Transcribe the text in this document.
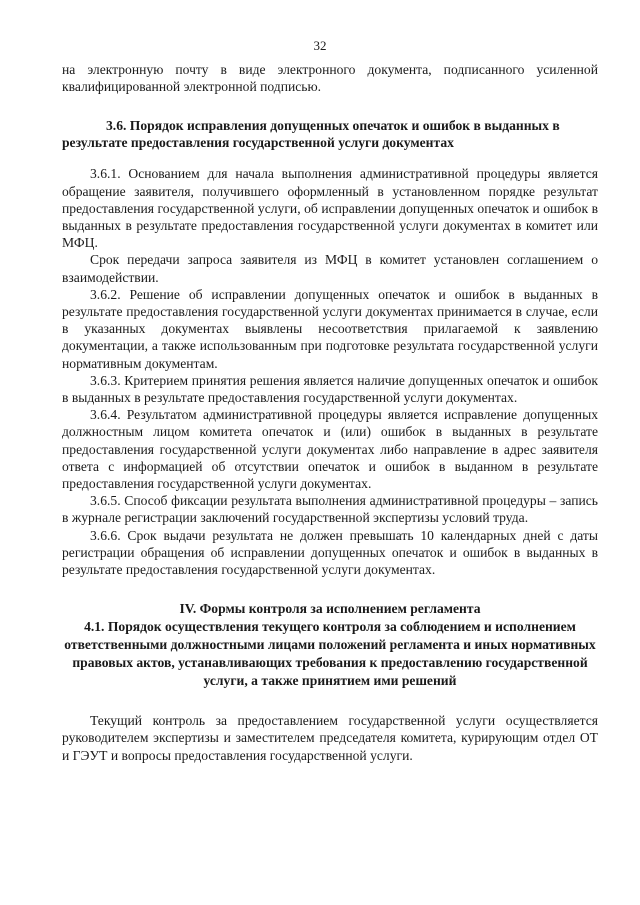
32

на электронную почту в виде электронного документа, подписанного усиленной квалифицированной электронной подписью.

3.6. Порядок исправления допущенных опечаток и ошибок в выданных в результате предоставления государственной услуги документах

3.6.1. Основанием для начала выполнения административной процедуры является обращение заявителя, получившего оформленный в установленном порядке результат предоставления государственной услуги, об исправлении допущенных опечаток и ошибок в выданных в результате предоставления государственной услуги документах в комитет или МФЦ.

Срок передачи запроса заявителя из МФЦ в комитет установлен соглашением о взаимодействии.

3.6.2. Решение об исправлении допущенных опечаток и ошибок в выданных в результате предоставления государственной услуги документах принимается в случае, если в указанных документах выявлены несоответствия прилагаемой к заявлению документации, а также использованным при подготовке результата государственной услуги нормативным документам.

3.6.3. Критерием принятия решения является наличие допущенных опечаток и ошибок в выданных в результате предоставления государственной услуги документах.

3.6.4. Результатом административной процедуры является исправление допущенных должностным лицом комитета опечаток и (или) ошибок в выданных в результате предоставления государственной услуги документах либо направление в адрес заявителя ответа с информацией об отсутствии опечаток и ошибок в выданном в результате предоставления государственной услуги документах.

3.6.5. Способ фиксации результата выполнения административной процедуры – запись в журнале регистрации заключений государственной экспертизы условий труда.

3.6.6. Срок выдачи результата не должен превышать 10 календарных дней с даты регистрации обращения об исправлении допущенных опечаток и ошибок в выданных в результате предоставления государственной услуги документах.

IV. Формы контроля за исполнением регламента

4.1. Порядок осуществления текущего контроля за соблюдением и исполнением ответственными должностными лицами положений регламента и иных нормативных правовых актов, устанавливающих требования к предоставлению государственной услуги, а также принятием ими решений

Текущий контроль за предоставлением государственной услуги осуществляется руководителем экспертизы и заместителем председателя комитета, курирующим отдел ОТ и ГЭУТ и вопросы предоставления государственной услуги.
